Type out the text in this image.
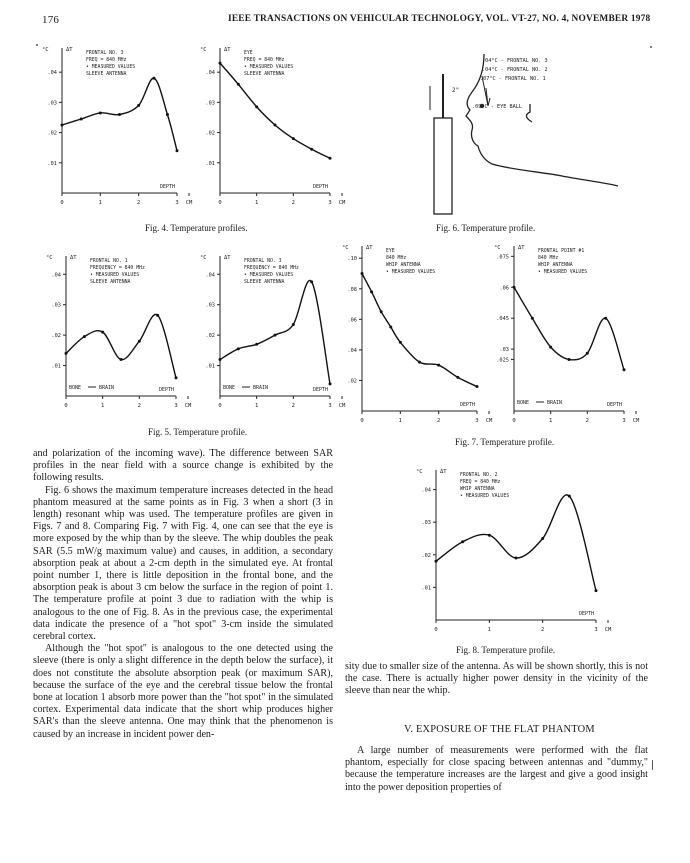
176	IEEE TRANSACTIONS ON VEHICULAR TECHNOLOGY, VOL. VT-27, NO. 4, NOVEMBER 1978
°C	ΔT
.01
.02
.03
.04
0	1	2	3 CM
DEPTH
FRONTAL NO. 3
FREQ = 840 MHz
• MEASURED VALUES
SLEEVE ANTENNA
°C	ΔT
.01
.02
.03
.04
0	1	2	3 CM
DEPTH
EYE
FREQ = 840 MHz
• MEASURED VALUES
SLEEVE ANTENNA
Fig. 4. Temperature profiles.
2"
.04°C - FRONTAL NO. 3
.04°C - FRONTAL NO. 2
.07°C - FRONTAL NO. 1
.09°C - EYE BALL
Fig. 6. Temperature profile.
°C	ΔT
.01
.02
.03
.04
0	1	2	3 CM
DEPTH
BONE	BRAIN
FRONTAL NO. 1
FREQUENCY = 840 MHz
• MEASURED VALUES
SLEEVE ANTENNA
°C	ΔT
.01
.02
.03
.04
0	1	2	3 CM
DEPTH
BONE	BRAIN
FRONTAL NO. 3
FREQUENCY = 840 MHz
• MEASURED VALUES
SLEEVE ANTENNA
Fig. 5. Temperature profile.
°C	ΔT
.02
.04
.06
.08
.10
0	1	2	3 CM
DEPTH
EYE
840 MHz
WHIP ANTENNA
• MEASURED VALUES
°C	ΔT
.025
.03
.045
.06
.075
0	1	2	3 CM
DEPTH
BONE	BRAIN
FRONTAL POINT #1
840 MHz
WHIP ANTENNA
• MEASURED VALUES
Fig. 7. Temperature profile.
°C	ΔT
.01
.02
.03
.04
0	1	2	3 CM
DEPTH
FRONTAL NO. 2
FREQ = 840 MHz
WHIP ANTENNA
• MEASURED VALUES
Fig. 8. Temperature profile.

and polarization of the incoming wave). The difference between SAR profiles in the near field with a source change is exhibited by the following results.

Fig. 6 shows the maximum temperature increases detected in the head phantom measured at the same points as in Fig. 3 when a short (3 in length) resonant whip was used. The temperature profiles are given in Figs. 7 and 8. Comparing Fig. 7 with Fig. 4, one can see that the eye is more exposed by the whip than by the sleeve. The whip doubles the peak SAR (5.5 mW/g maximum value) and causes, in addition, a secondary absorption peak at about a 2-cm depth in the simulated eye. At frontal point number 1, there is little deposition in the frontal bone, and the absorption peak is about 3 cm below the surface in the region of point 1. The temperature profile at point 3 due to radiation with the whip is analogous to the one of Fig. 8. As in the previous case, the experimental data indicate the presence of a "hot spot" 3-cm inside the simulated cerebral cortex.

Although the "hot spot" is analogous to the one detected using the sleeve (there is only a slight difference in the depth below the surface), it does not constitute the absolute absorption peak (or maximum SAR), because the surface of the eye and the cerebral tissue below the frontal bone at location 1 absorb more power than the "hot spot" in the simulated cortex. Experimental data indicate that the short whip produces higher SAR's than the sleeve antenna. One may think that the phenomenon is caused by an increase in incident power den-

sity due to smaller size of the antenna. As will be shown shortly, this is not the case. There is actually higher power density in the vicinity of the sleeve than near the whip.

V. EXPOSURE OF THE FLAT PHANTOM

A large number of measurements were performed with the flat phantom, especially for close spacing between antennas and "dummy," because the temperature increases are the largest and give a good insight into the power deposition properties of
